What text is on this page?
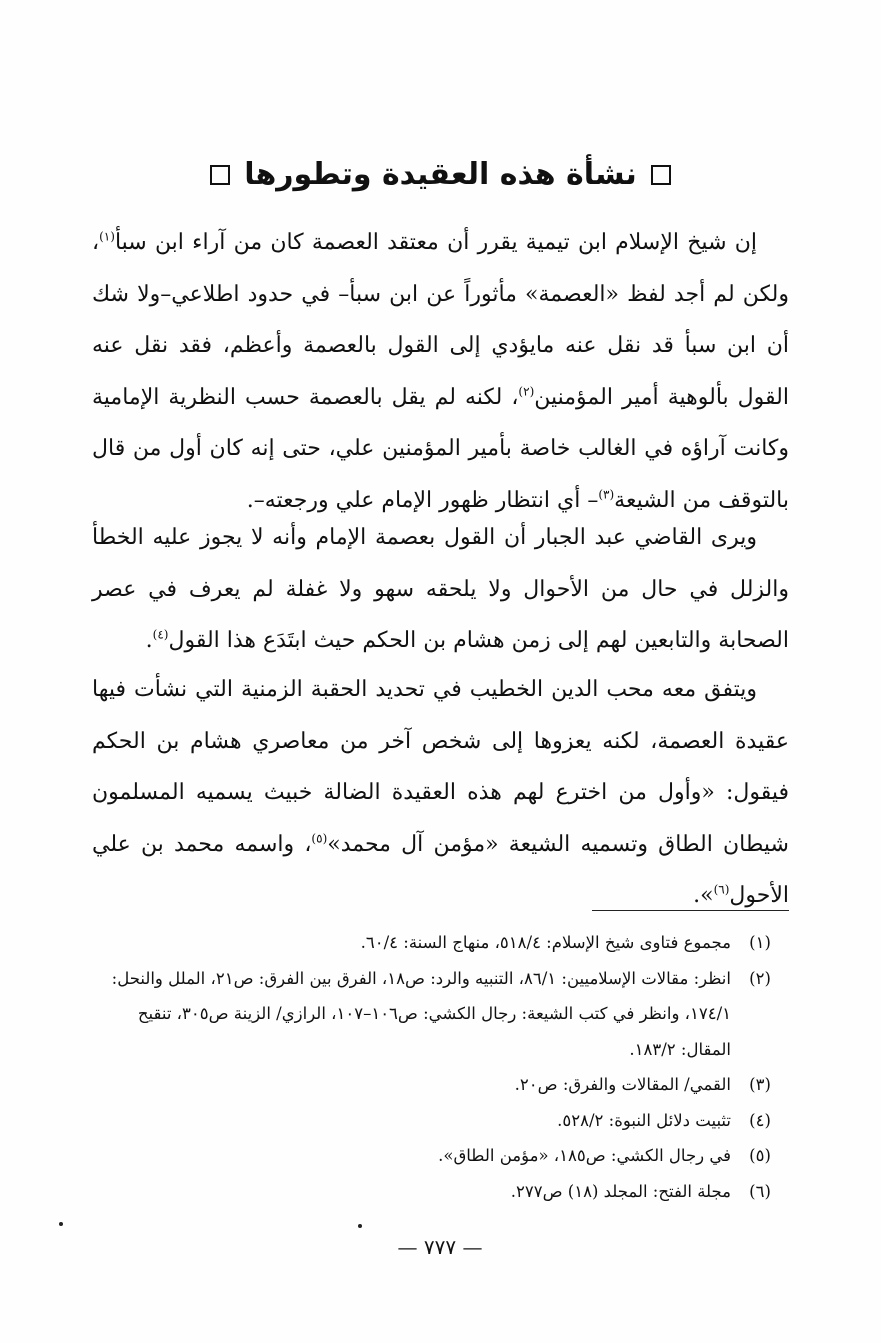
نشأة هذه العقيدة وتطورها

إن شيخ الإسلام ابن تيمية يقرر أن معتقد العصمة كان من آراء ابن سبأ$^{(١)}$، ولكن لم أجد لفظ «العصمة» مأثوراً عن ابن سبأ– في حدود اطلاعي–ولا شك أن ابن سبأ قد نقل عنه مايؤدي إلى القول بالعصمة وأعظم، فقد نقل عنه القول بألوهية أمير المؤمنين$^{(٢)}$، لكنه لم يقل بالعصمة حسب النظرية الإمامية وكانت آراؤه في الغالب خاصة بأمير المؤمنين علي، حتى إنه كان أول من قال بالتوقف من الشيعة$^{(٣)}$– أي انتظار ظهور الإمام علي ورجعته–.

ويرى القاضي عبد الجبار أن القول بعصمة الإمام وأنه لا يجوز عليه الخطأ والزلل في حال من الأحوال ولا يلحقه سهو ولا غفلة لم يعرف في عصر الصحابة والتابعين لهم إلى زمن هشام بن الحكم حيث ابتَدَع هذا القول$^{(٤)}$.

ويتفق معه محب الدين الخطيب في تحديد الحقبة الزمنية التي نشأت فيها عقيدة العصمة، لكنه يعزوها إلى شخص آخر من معاصري هشام بن الحكم فيقول: «وأول من اخترع لهم هذه العقيدة الضالة خبيث يسميه المسلمون شيطان الطاق وتسميه الشيعة «مؤمن آل محمد»$^{(٥)}$، واسمه محمد بن علي الأحول$^{(٦)}$».

(١)
مجموع فتاوى شيخ الإسلام: ٥١٨/٤، منهاج السنة: ٦٠/٤.
(٢)
انظر: مقالات الإسلاميين: ٨٦/١، التنبيه والرد: ص١٨، الفرق بين الفرق: ص٢١، الملل والنحل: ١٧٤/١، وانظر في كتب الشيعة: رجال الكشي: ص١٠٦–١٠٧، الرازي/ الزينة ص٣٠٥، تنقيح المقال: ١٨٣/٢.
(٣)
القمي/ المقالات والفرق: ص٢٠.
(٤)
تثبيت دلائل النبوة: ٥٢٨/٢.
(٥)
في رجال الكشي: ص١٨٥، «مؤمن الطاق».
(٦)
مجلة الفتح: المجلد (١٨) ص٢٧٧.
— ٧٧٧ —
